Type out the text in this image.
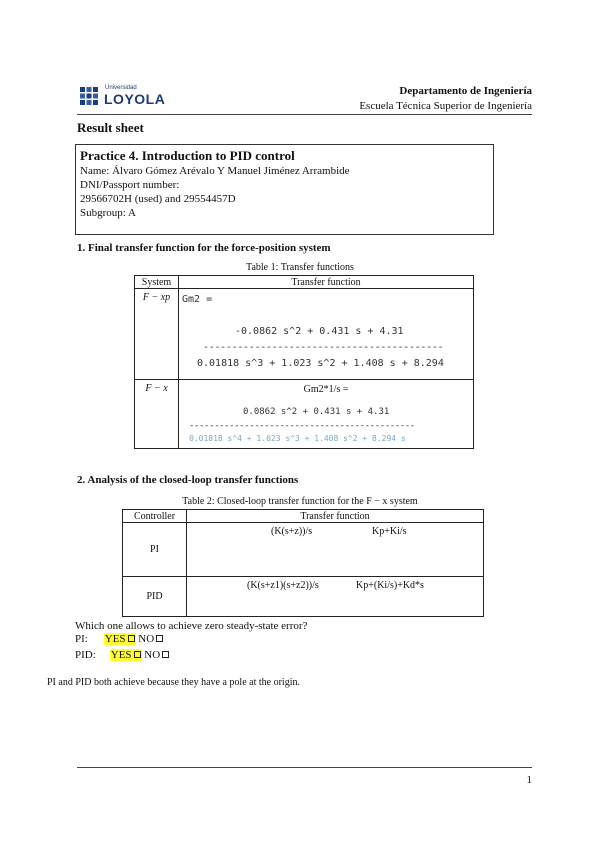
Universidad
LOYOLA	Departamento de Ingeniería
Escuela Técnica Superior de Ingeniería
Result sheet
Practice 4. Introduction to PID control
Name: Álvaro Gómez Arévalo Y Manuel Jiménez Arrambide
DNI/Passport number:
29566702H (used) and 29554457D
Subgroup: A
1. Final transfer function for the force-position system
Table 1: Transfer functions
System	Transfer function
F − xp	Gm2 =
-0.0862 s^2 + 0.431 s + 4.31
------------------------------------------
0.01818 s^3 + 1.023 s^2 + 1.408 s + 8.294

F − x	Gm2*1/s =
0.0862 s^2 + 0.431 s + 4.31
---------------------------------------------
0.01818 s^4 + 1.023 s^3 + 1.408 s^2 + 8.294 s
2. Analysis of the closed-loop transfer functions
Table 2: Closed-loop transfer function for the F − x system
Controller	Transfer function
PI	(K(s+z))/s Kp+Ki/s

PID	(K(s+z1)(s+z2))/s Kp+(Ki/s)+Kd*s
Which one allows to achieve zero steady-state error?
PI: YES NO
PID: YES NO
PI and PID both achieve because they have a pole at the origin.
1
